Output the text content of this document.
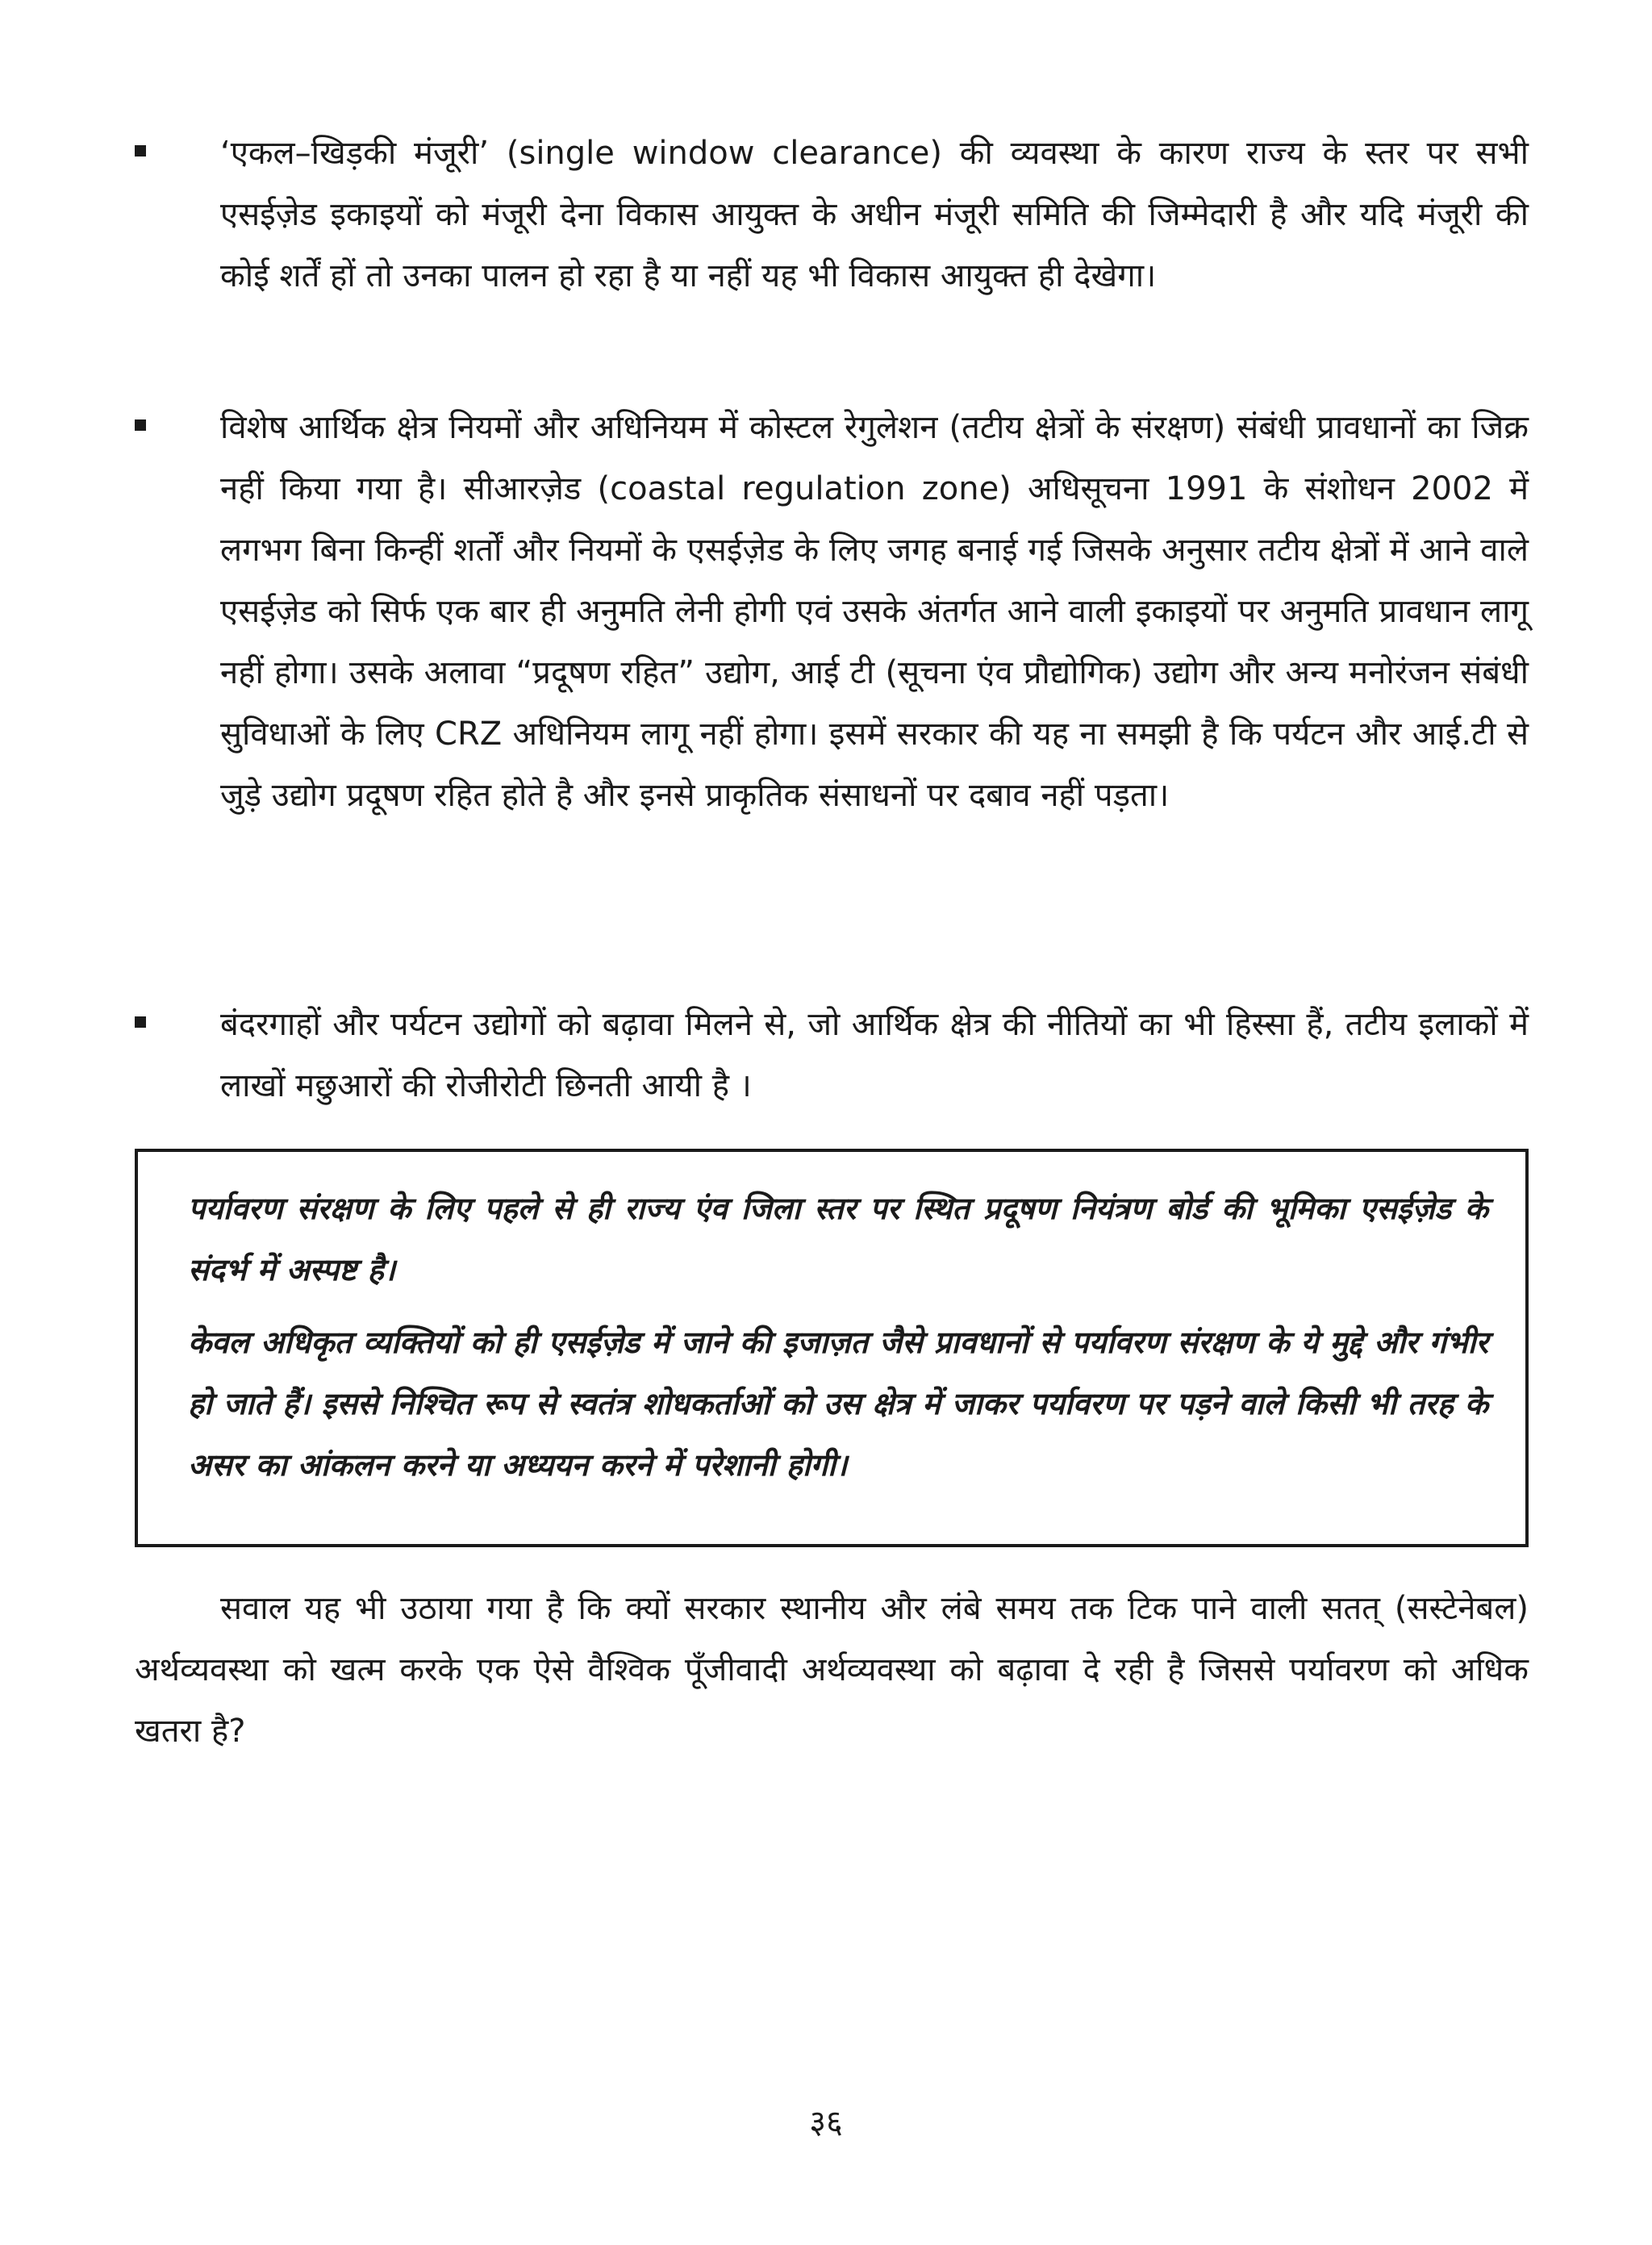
‘एकल–खिड़की मंजूरी’ (single window clearance) की व्यवस्था के कारण राज्य के स्तर पर सभी एसईज़ेड इकाइयों को मंजूरी देना विकास आयुक्त के अधीन मंजूरी समिति की जिम्मेदारी है और यदि मंजूरी की कोई शर्तें हों तो उनका पालन हो रहा है या नहीं यह भी विकास आयुक्त ही देखेगा।

विशेष आर्थिक क्षेत्र नियमों और अधिनियम में कोस्टल रेगुलेशन (तटीय क्षेत्रों के संरक्षण) संबंधी प्रावधानों का जिक्र नहीं किया गया है। सीआरज़ेड (coastal regulation zone) अधिसूचना 1991 के संशोधन 2002 में लगभग बिना किन्हीं शर्तों और नियमों के एसईज़ेड के लिए जगह बनाई गई जिसके अनुसार तटीय क्षेत्रों में आने वाले एसईज़ेड को सिर्फ एक बार ही अनुमति लेनी होगी एवं उसके अंतर्गत आने वाली इकाइयों पर अनुमति प्रावधान लागू नहीं होगा। उसके अलावा “प्रदूषण रहित” उद्योग, आई टी (सूचना एंव प्रौद्योगिक) उद्योग और अन्य मनोरंजन संबंधी सुविधाओं के लिए CRZ अधिनियम लागू नहीं होगा। इसमें सरकार की यह ना समझी है कि पर्यटन और आई.टी से जुड़े उद्योग प्रदूषण रहित होते है और इनसे प्राकृतिक संसाधनों पर दबाव नहीं पड़ता।

बंदरगाहों और पर्यटन उद्योगों को बढ़ावा मिलने से, जो आर्थिक क्षेत्र की नीतियों का भी हिस्सा हैं, तटीय इलाकों में लाखों मछुआरों की रोजीरोटी छिनती आयी है ।

पर्यावरण संरक्षण के लिए पहले से ही राज्य एंव जिला स्तर पर स्थित प्रदूषण नियंत्रण बोर्ड की भूमिका एसईज़ेड के संदर्भ में अस्पष्ट है।

केवल अधिकृत व्यक्तियों को ही एसईज़ेड में जाने की इजाज़त जैसे प्रावधानों से पर्यावरण संरक्षण के ये मुद्दे और गंभीर हो जाते हैं। इससे निश्चित रूप से स्वतंत्र शोधकर्ताओं को उस क्षेत्र में जाकर पर्यावरण पर पड़ने वाले किसी भी तरह के असर का आंकलन करने या अध्ययन करने में परेशानी होगी।

सवाल यह भी उठाया गया है कि क्यों सरकार स्थानीय और लंबे समय तक टिक पाने वाली सतत् (सस्टेनेबल) अर्थव्यवस्था को खत्म करके एक ऐसे वैश्विक पूँजीवादी अर्थव्यवस्था को बढ़ावा दे रही है जिससे पर्यावरण को अधिक खतरा है?

३६
